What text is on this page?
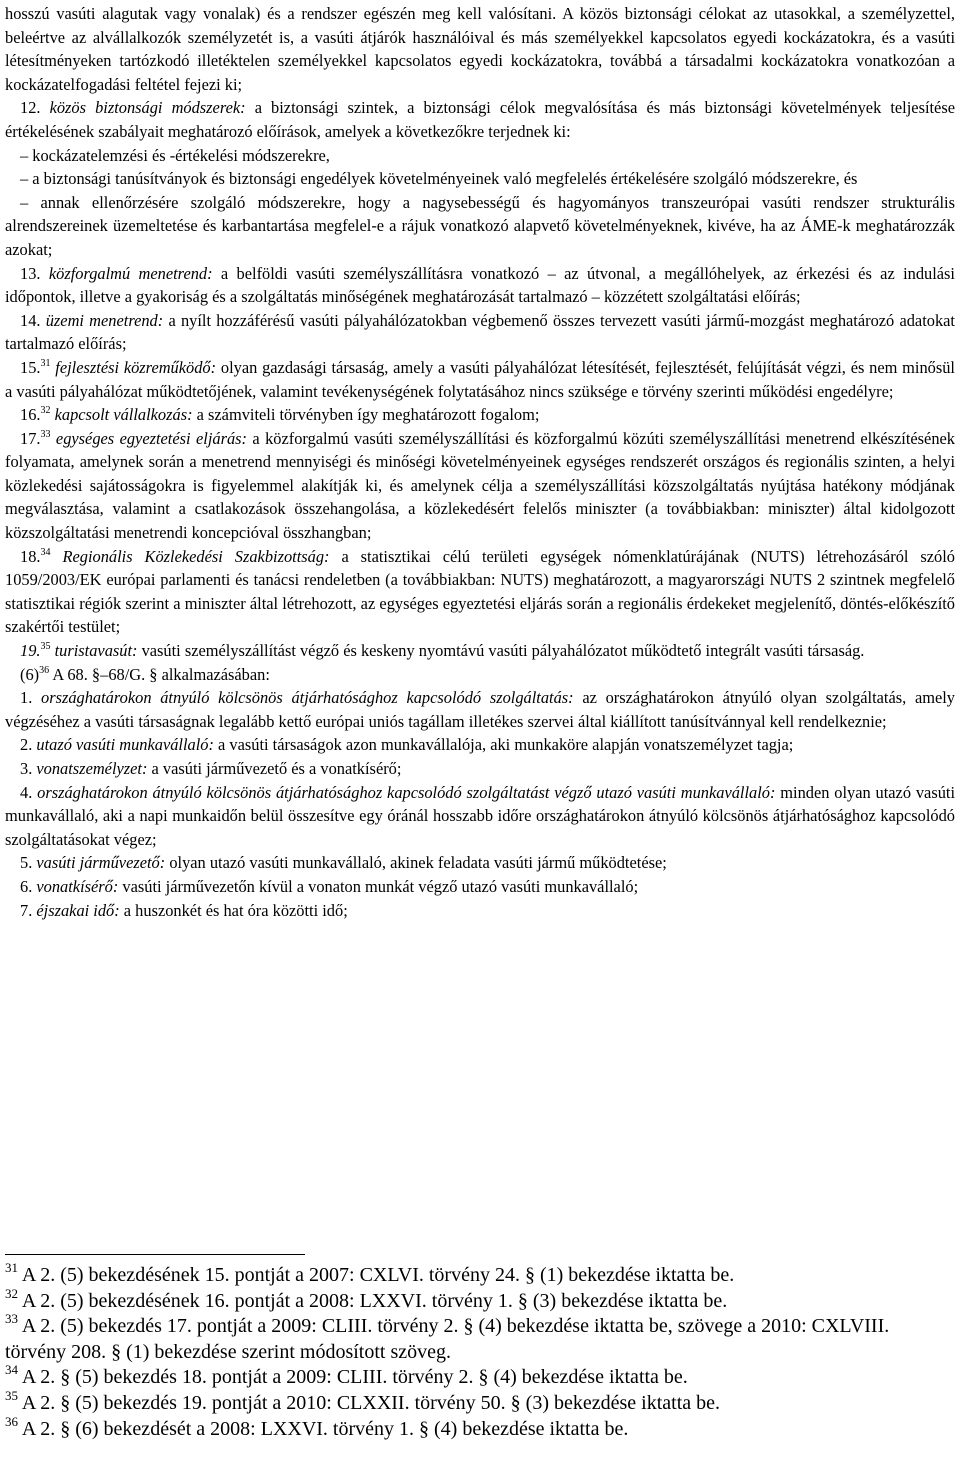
hosszú vasúti alagutak vagy vonalak) és a rendszer egészén meg kell valósítani. A közös biztonsági célokat az utasokkal, a személyzettel, beleértve az alvállalkozók személyzetét is, a vasúti átjárók használóival és más személyekkel kapcsolatos egyedi kockázatokra, és a vasúti létesítményeken tartózkodó illetéktelen személyekkel kapcsolatos egyedi kockázatokra, továbbá a társadalmi kockázatokra vonatkozóan a kockázatelfogadási feltétel fejezi ki;

12. közös biztonsági módszerek: a biztonsági szintek, a biztonsági célok megvalósítása és más biztonsági követelmények teljesítése értékelésének szabályait meghatározó előírások, amelyek a következőkre terjednek ki:

– kockázatelemzési és -értékelési módszerekre,

– a biztonsági tanúsítványok és biztonsági engedélyek követelményeinek való megfelelés értékelésére szolgáló módszerekre, és

– annak ellenőrzésére szolgáló módszerekre, hogy a nagysebességű és hagyományos transzeurópai vasúti rendszer strukturális alrendszereinek üzemeltetése és karbantartása megfelel-e a rájuk vonatkozó alapvető követelményeknek, kivéve, ha az ÁME-k meghatározzák azokat;

13. közforgalmú menetrend: a belföldi vasúti személyszállításra vonatkozó – az útvonal, a megállóhelyek, az érkezési és az indulási időpontok, illetve a gyakoriság és a szolgáltatás minőségének meghatározását tartalmazó – közzétett szolgáltatási előírás;

14. üzemi menetrend: a nyílt hozzáférésű vasúti pályahálózatokban végbemenő összes tervezett vasúti jármű-mozgást meghatározó adatokat tartalmazó előírás;

15.31 fejlesztési közreműködő: olyan gazdasági társaság, amely a vasúti pályahálózat létesítését, fejlesztését, felújítását végzi, és nem minősül a vasúti pályahálózat működtetőjének, valamint tevékenységének folytatásához nincs szüksége e törvény szerinti működési engedélyre;

16.32 kapcsolt vállalkozás: a számviteli törvényben így meghatározott fogalom;

17.33 egységes egyeztetési eljárás: a közforgalmú vasúti személyszállítási és közforgalmú közúti személyszállítási menetrend elkészítésének folyamata, amelynek során a menetrend mennyiségi és minőségi követelményeinek egységes rendszerét országos és regionális szinten, a helyi közlekedési sajátosságokra is figyelemmel alakítják ki, és amelynek célja a személyszállítási közszolgáltatás nyújtása hatékony módjának megválasztása, valamint a csatlakozások összehangolása, a közlekedésért felelős miniszter (a továbbiakban: miniszter) által kidolgozott közszolgáltatási menetrendi koncepcióval összhangban;

18.34 Regionális Közlekedési Szakbizottság: a statisztikai célú területi egységek nómenklatúrájának (NUTS) létrehozásáról szóló 1059/2003/EK európai parlamenti és tanácsi rendeletben (a továbbiakban: NUTS) meghatározott, a magyarországi NUTS 2 szintnek megfelelő statisztikai régiók szerint a miniszter által létrehozott, az egységes egyeztetési eljárás során a regionális érdekeket megjelenítő, döntés-előkészítő szakértői testület;

19.35 turistavasút: vasúti személyszállítást végző és keskeny nyomtávú vasúti pályahálózatot működtető integrált vasúti társaság.

$(6)^{36}$ A 68. §–68/G. § alkalmazásában:

1. országhatárokon átnyúló kölcsönös átjárhatósághoz kapcsolódó szolgáltatás: az országhatárokon átnyúló olyan szolgáltatás, amely végzéséhez a vasúti társaságnak legalább kettő európai uniós tagállam illetékes szervei által kiállított tanúsítvánnyal kell rendelkeznie;

2. utazó vasúti munkavállaló: a vasúti társaságok azon munkavállalója, aki munkaköre alapján vonatszemélyzet tagja;

3. vonatszemélyzet: a vasúti járművezető és a vonatkísérő;

4. országhatárokon átnyúló kölcsönös átjárhatósághoz kapcsolódó szolgáltatást végző utazó vasúti munkavállaló: minden olyan utazó vasúti munkavállaló, aki a napi munkaidőn belül összesítve egy óránál hosszabb időre országhatárokon átnyúló kölcsönös átjárhatósághoz kapcsolódó szolgáltatásokat végez;

5. vasúti járművezető: olyan utazó vasúti munkavállaló, akinek feladata vasúti jármű működtetése;

6. vonatkísérő: vasúti járművezetőn kívül a vonaton munkát végző utazó vasúti munkavállaló;

7. éjszakai idő: a huszonkét és hat óra közötti idő;

$^{31}$ A 2. (5) bekezdésének 15. pontját a 2007: CXLVI. törvény 24. § (1) bekezdése iktatta be.

$^{32}$ A 2. (5) bekezdésének 16. pontját a 2008: LXXVI. törvény 1. § (3) bekezdése iktatta be.

$^{33}$ A 2. (5) bekezdés 17. pontját a 2009: CLIII. törvény 2. § (4) bekezdése iktatta be, szövege a 2010: CXLVIII. törvény 208. § (1) bekezdése szerint módosított szöveg.

$^{34}$ A 2. § (5) bekezdés 18. pontját a 2009: CLIII. törvény 2. § (4) bekezdése iktatta be.

$^{35}$ A 2. § (5) bekezdés 19. pontját a 2010: CLXXII. törvény 50. § (3) bekezdése iktatta be.

$^{36}$ A 2. § (6) bekezdését a 2008: LXXVI. törvény 1. § (4) bekezdése iktatta be.
